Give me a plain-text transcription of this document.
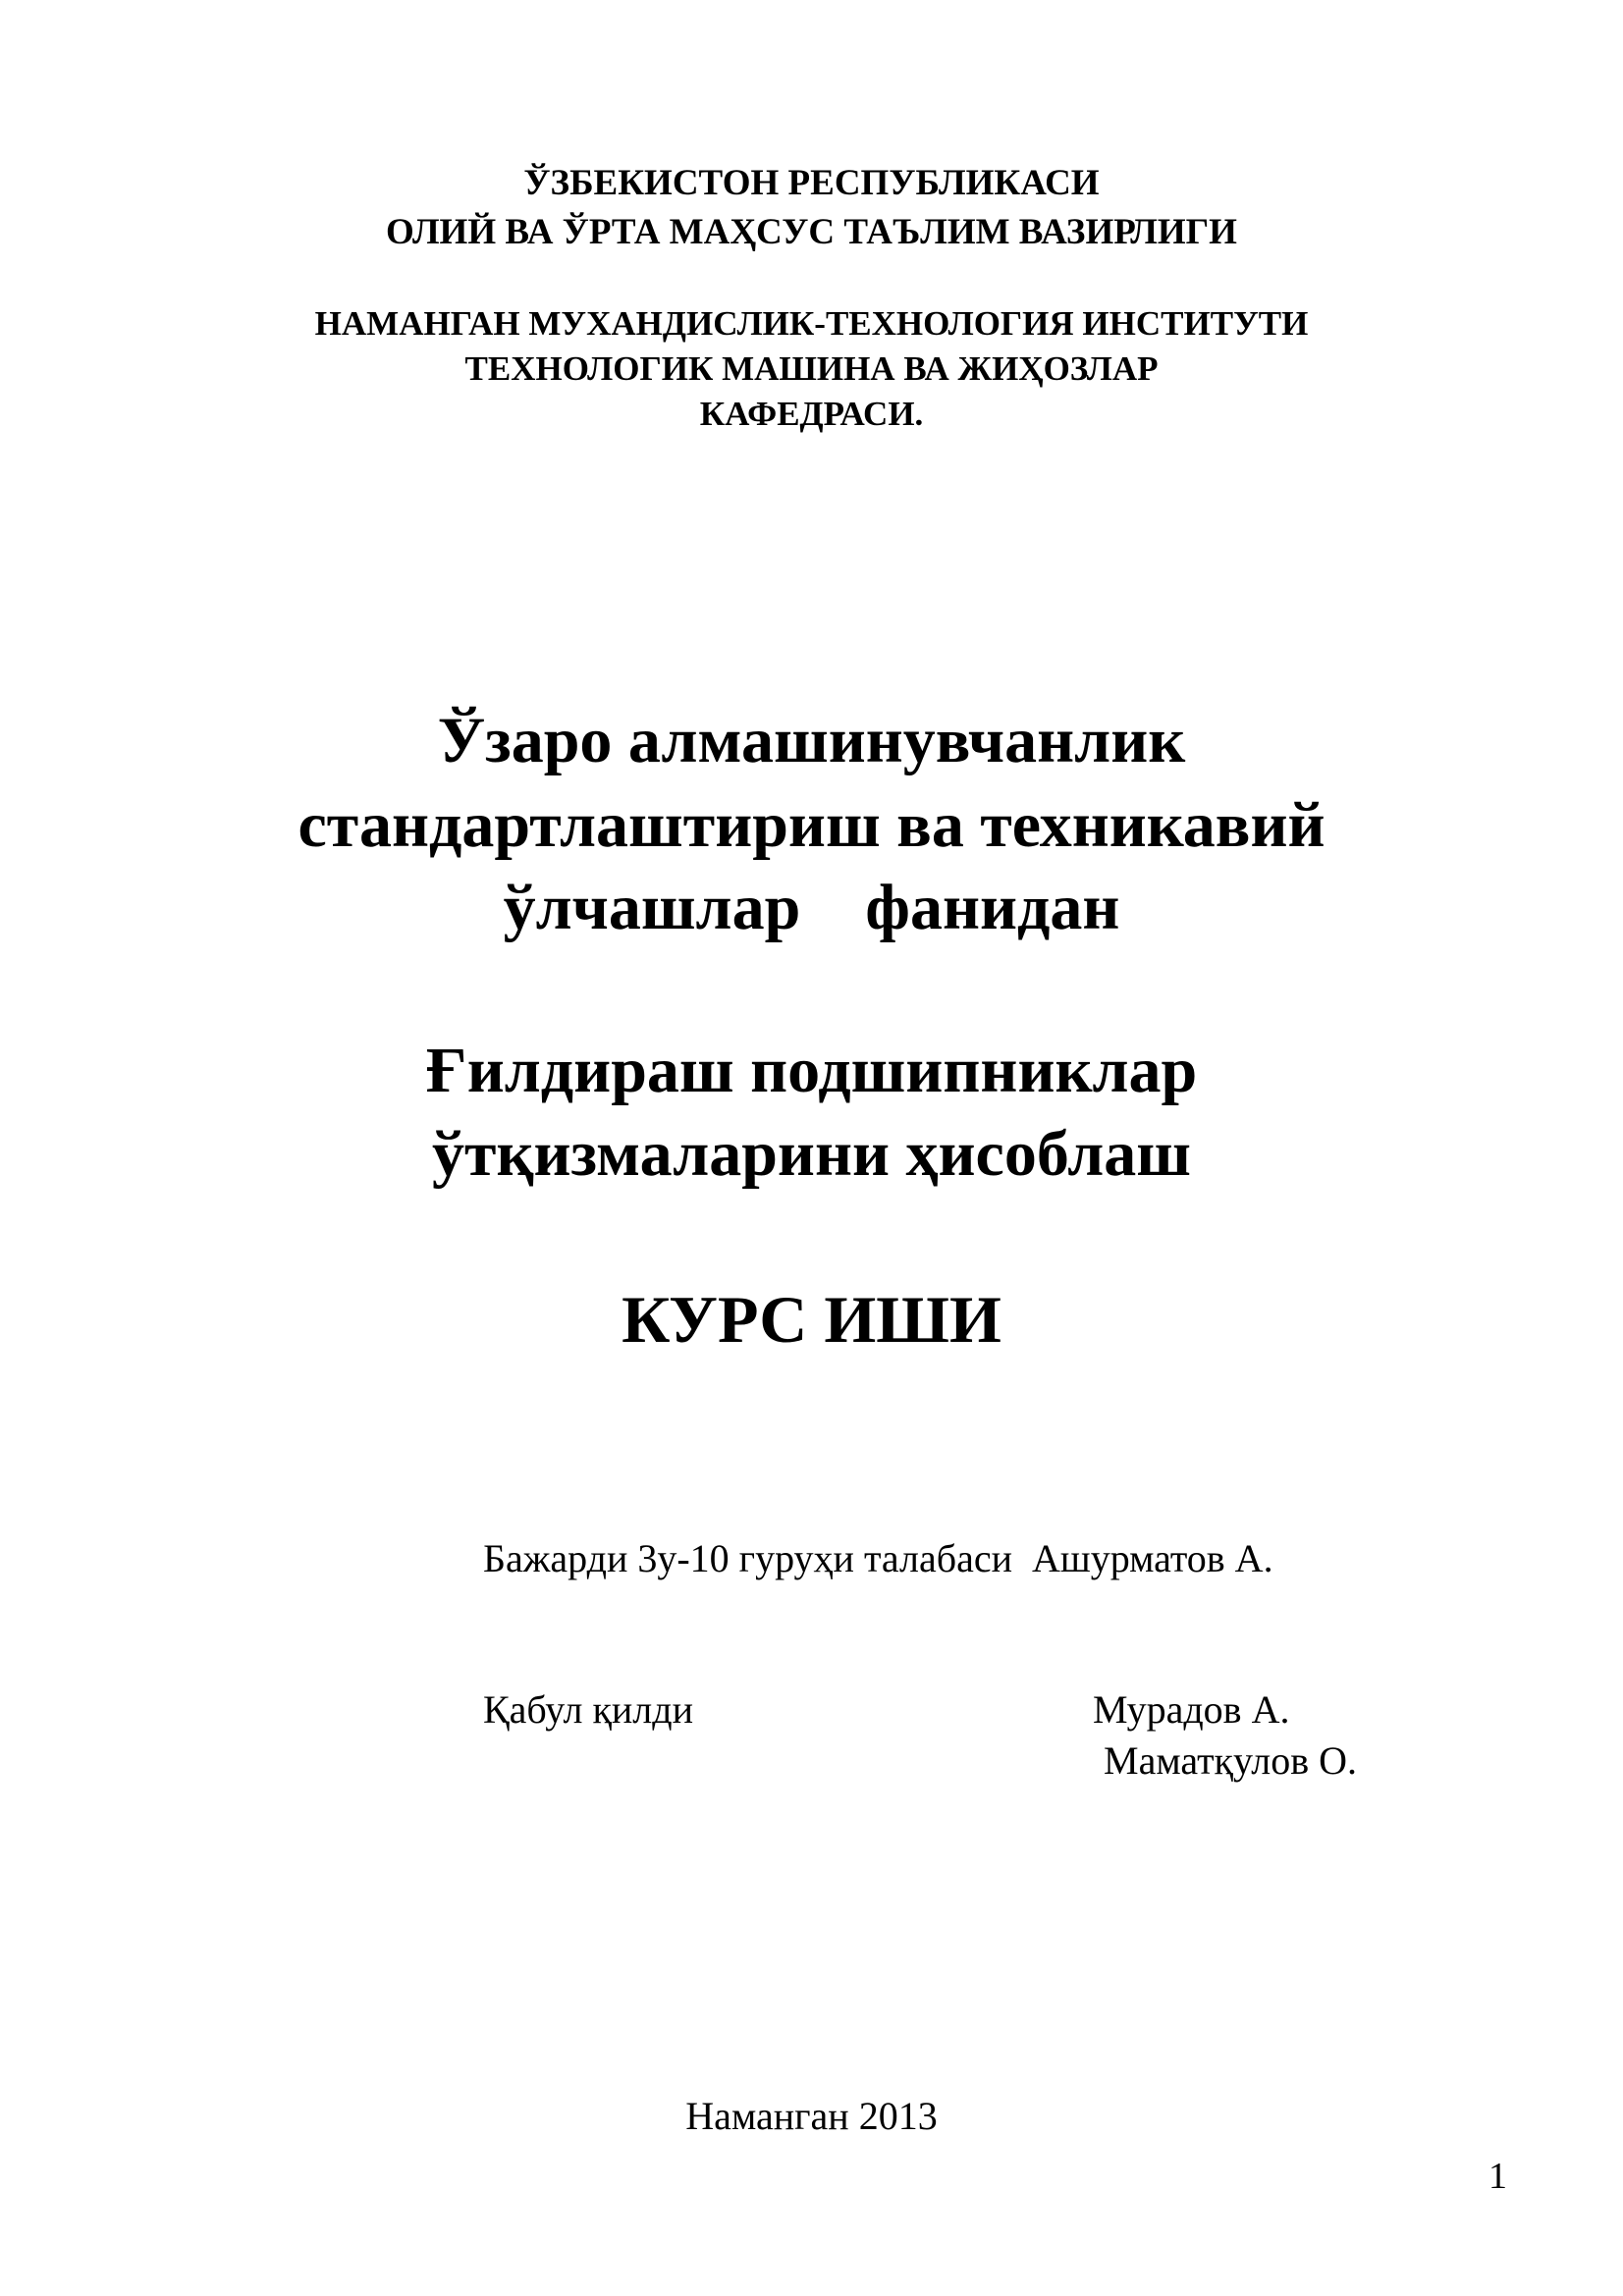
ЎЗБЕКИСТОН РЕСПУБЛИКАСИ
ОЛИЙ ВА ЎРТА МАҲСУС ТАЪЛИМ ВАЗИРЛИГИ
НАМАНГАН МУХАНДИСЛИК-ТЕХНОЛОГИЯ ИНСТИТУТИ
ТЕХНОЛОГИК МАШИНА ВА ЖИҲОЗЛАР
КАФЕДРАСИ.
Ўзаро алмашинувчанлик
стандартлаштириш ва техникавий
ўлчашлар    фанидан
Ғилдираш подшипниклар
ўтқизмаларини ҳисоблаш
КУРС ИШИ
Бажарди 3у-10 гуруҳи талабаси  Ашурматов А.
Қабул қилди	Мурадов А.
Маматқулов О.
Наманган 2013
1
